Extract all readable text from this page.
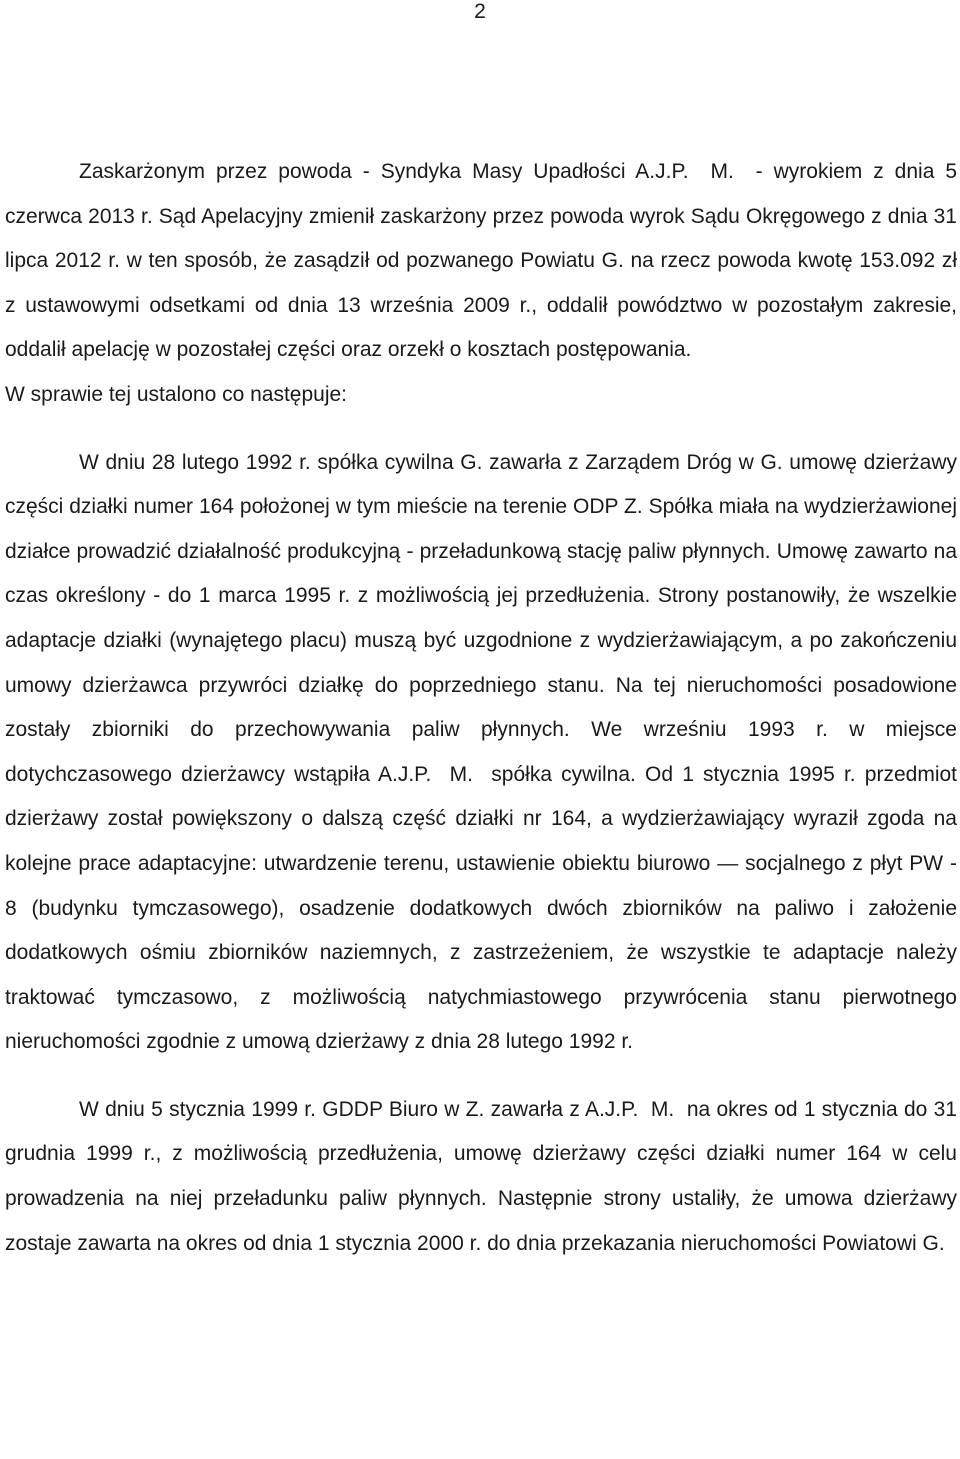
2

Zaskarżonym przez powoda - Syndyka Masy Upadłości A.J.P.  M.  - wyrokiem z dnia 5 czerwca 2013 r. Sąd Apelacyjny zmienił zaskarżony przez powoda wyrok Sądu Okręgowego z dnia 31 lipca 2012 r. w ten sposób, że zasądził od pozwanego Powiatu G. na rzecz powoda kwotę 153.092 zł z ustawowymi odsetkami od dnia 13 września 2009 r., oddalił powództwo w pozostałym zakresie, oddalił apelację w pozostałej części oraz orzekł o kosztach postępowania.

W sprawie tej ustalono co następuje:

W dniu 28 lutego 1992 r. spółka cywilna G. zawarła z Zarządem Dróg w G. umowę dzierżawy części działki numer 164 położonej w tym mieście na terenie ODP Z. Spółka miała na wydzierżawionej działce prowadzić działalność produkcyjną - przeładunkową stację paliw płynnych. Umowę zawarto na czas określony - do 1 marca 1995 r. z możliwością jej przedłużenia. Strony postanowiły, że wszelkie adaptacje działki (wynajętego placu) muszą być uzgodnione z wydzierżawiającym, a po zakończeniu umowy dzierżawca przywróci działkę do poprzedniego stanu. Na tej nieruchomości posadowione zostały zbiorniki do przechowywania paliw płynnych. We wrześniu 1993 r. w miejsce dotychczasowego dzierżawcy wstąpiła A.J.P.  M.  spółka cywilna. Od 1 stycznia 1995 r. przedmiot dzierżawy został powiększony o dalszą część działki nr 164, a wydzierżawiający wyraził zgoda na kolejne prace adaptacyjne: utwardzenie terenu, ustawienie obiektu biurowo — socjalnego z płyt PW - 8 (budynku tymczasowego), osadzenie dodatkowych dwóch zbiorników na paliwo i założenie dodatkowych ośmiu zbiorników naziemnych, z zastrzeżeniem, że wszystkie te adaptacje należy traktować tymczasowo, z możliwością natychmiastowego przywrócenia stanu pierwotnego nieruchomości zgodnie z umową dzierżawy z dnia 28 lutego 1992 r.

W dniu 5 stycznia 1999 r. GDDP Biuro w Z. zawarła z A.J.P.  M.  na okres od 1 stycznia do 31 grudnia 1999 r., z możliwością przedłużenia, umowę dzierżawy części działki numer 164 w celu prowadzenia na niej przeładunku paliw płynnych. Następnie strony ustaliły, że umowa dzierżawy zostaje zawarta na okres od dnia 1 stycznia 2000 r. do dnia przekazania nieruchomości Powiatowi G.
